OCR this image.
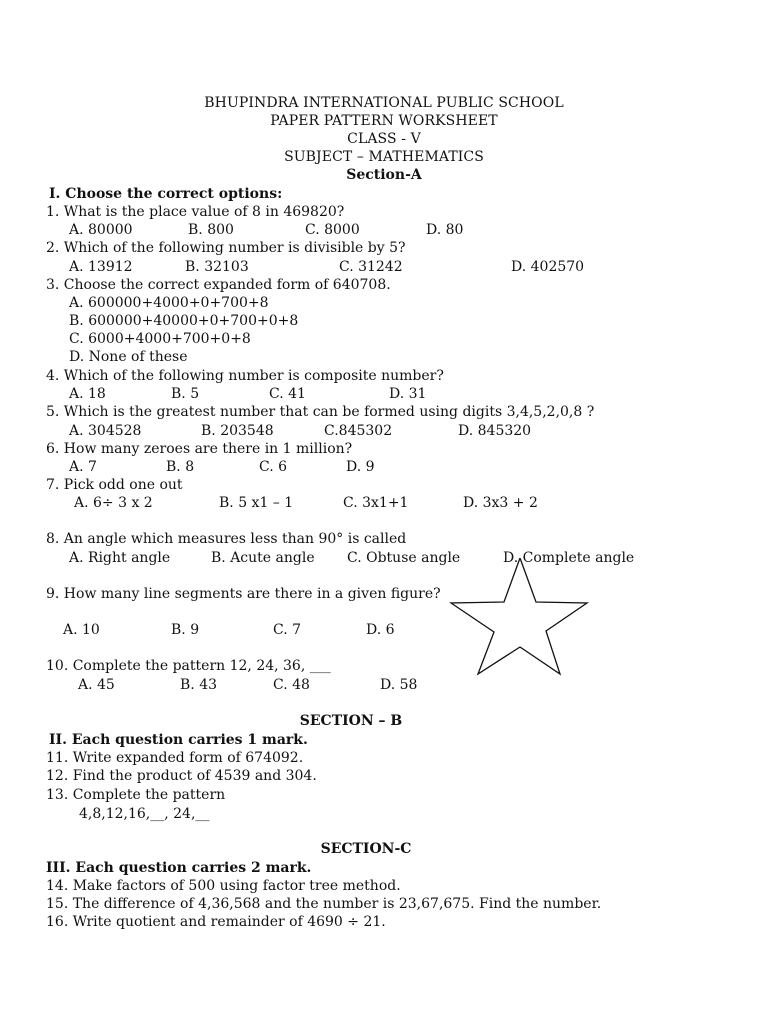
BHUPINDRA INTERNATIONAL PUBLIC SCHOOL
PAPER PATTERN WORKSHEET
CLASS - V
SUBJECT – MATHEMATICS
Section-A
I. Choose the correct options:
1. What is the place value of 8 in 469820?
A. 80000	B. 800	C. 8000	D. 80
2. Which of the following number is divisible by 5?
A. 13912	B. 32103	C. 31242	D. 402570
3. Choose the correct expanded form of 640708.
A. 600000+4000+0+700+8
B. 600000+40000+0+700+0+8
C. 6000+4000+700+0+8
D. None of these
4. Which of the following number is composite number?
A. 18	B. 5	C. 41	D. 31
5. Which is the greatest number that can be formed using digits 3,4,5,2,0,8 ?
A. 304528	B. 203548	C.845302	D. 845320
6. How many zeroes are there in 1 million?
A. 7	B. 8	C. 6	D. 9
7. Pick odd one out
A. 6÷ 3 x 2	B. 5 x1 – 1	C. 3x1+1	D. 3x3 + 2
8. An angle which measures less than 90° is called
A. Right angle	B. Acute angle C. Obtuse angle	D. Complete angle
9. How many line segments are there in a given figure?
A. 10	B. 9	C. 7	D. 6
10. Complete the pattern 12, 24, 36, ___
A. 45	B. 43	C. 48	D. 58
SECTION – B
II. Each question carries 1 mark.
11. Write expanded form of 674092.
12. Find the product of 4539 and 304.
13. Complete the pattern
4,8,12,16,__, 24,__
SECTION-C
III. Each question carries 2 mark.
14. Make factors of 500 using factor tree method.
15. The difference of 4,36,568 and the number is 23,67,675. Find the number.
16. Write quotient and remainder of 4690 ÷ 21.
